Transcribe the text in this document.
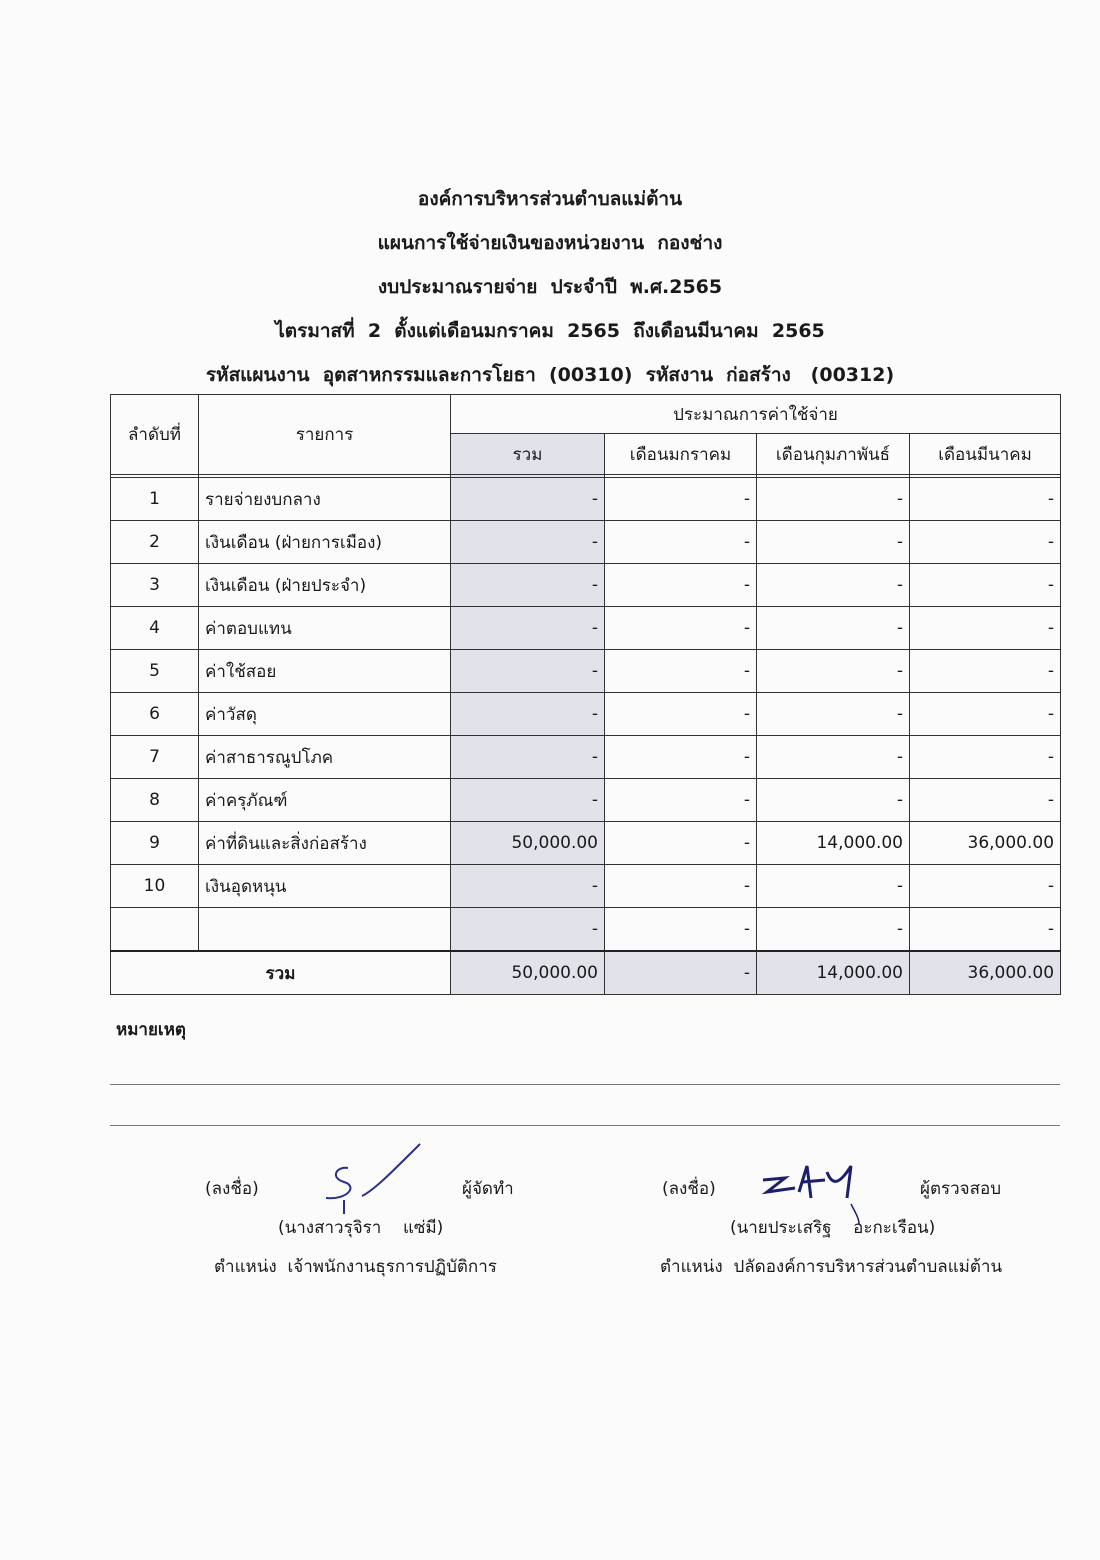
องค์การบริหารส่วนตำบลแม่ต้าน
แผนการใช้จ่ายเงินของหน่วยงาน  กองช่าง
งบประมาณรายจ่าย  ประจำปี  พ.ศ.2565
ไตรมาสที่  2  ตั้งแต่เดือนมกราคม  2565  ถึงเดือนมีนาคม  2565
รหัสแผนงาน  อุตสาหกรรมและการโยธา  (00310)  รหัสงาน  ก่อสร้าง   (00312)
ลำดับที่	รายการ	ประมาณการค่าใช้จ่าย			
		รวม	เดือนมกราคม	เดือนกุมภาพันธ์	เดือนมีนาคม

1	รายจ่ายงบกลาง	-	-	-	-
2	เงินเดือน (ฝ่ายการเมือง)	-	-	-	-
3	เงินเดือน (ฝ่ายประจำ)	-	-	-	-
4	ค่าตอบแทน	-	-	-	-
5	ค่าใช้สอย	-	-	-	-
6	ค่าวัสดุ	-	-	-	-
7	ค่าสาธารณูปโภค	-	-	-	-
8	ค่าครุภัณฑ์	-	-	-	-
9	ค่าที่ดินและสิ่งก่อสร้าง	50,000.00	-	14,000.00	36,000.00
10	เงินอุดหนุน	-	-	-	-
		-	-	-	-
รวม		50,000.00	-	14,000.00	36,000.00
หมายเหตุ
(ลงชื่อ)	ผู้จัดทำ
(นางสาวรุจิรา    แซ่มี)
ตำแหน่ง  เจ้าพนักงานธุรการปฏิบัติการ
(ลงชื่อ)	ผู้ตรวจสอบ
(นายประเสริฐ    อะกะเรือน)
ตำแหน่ง  ปลัดองค์การบริหารส่วนตำบลแม่ต้าน
